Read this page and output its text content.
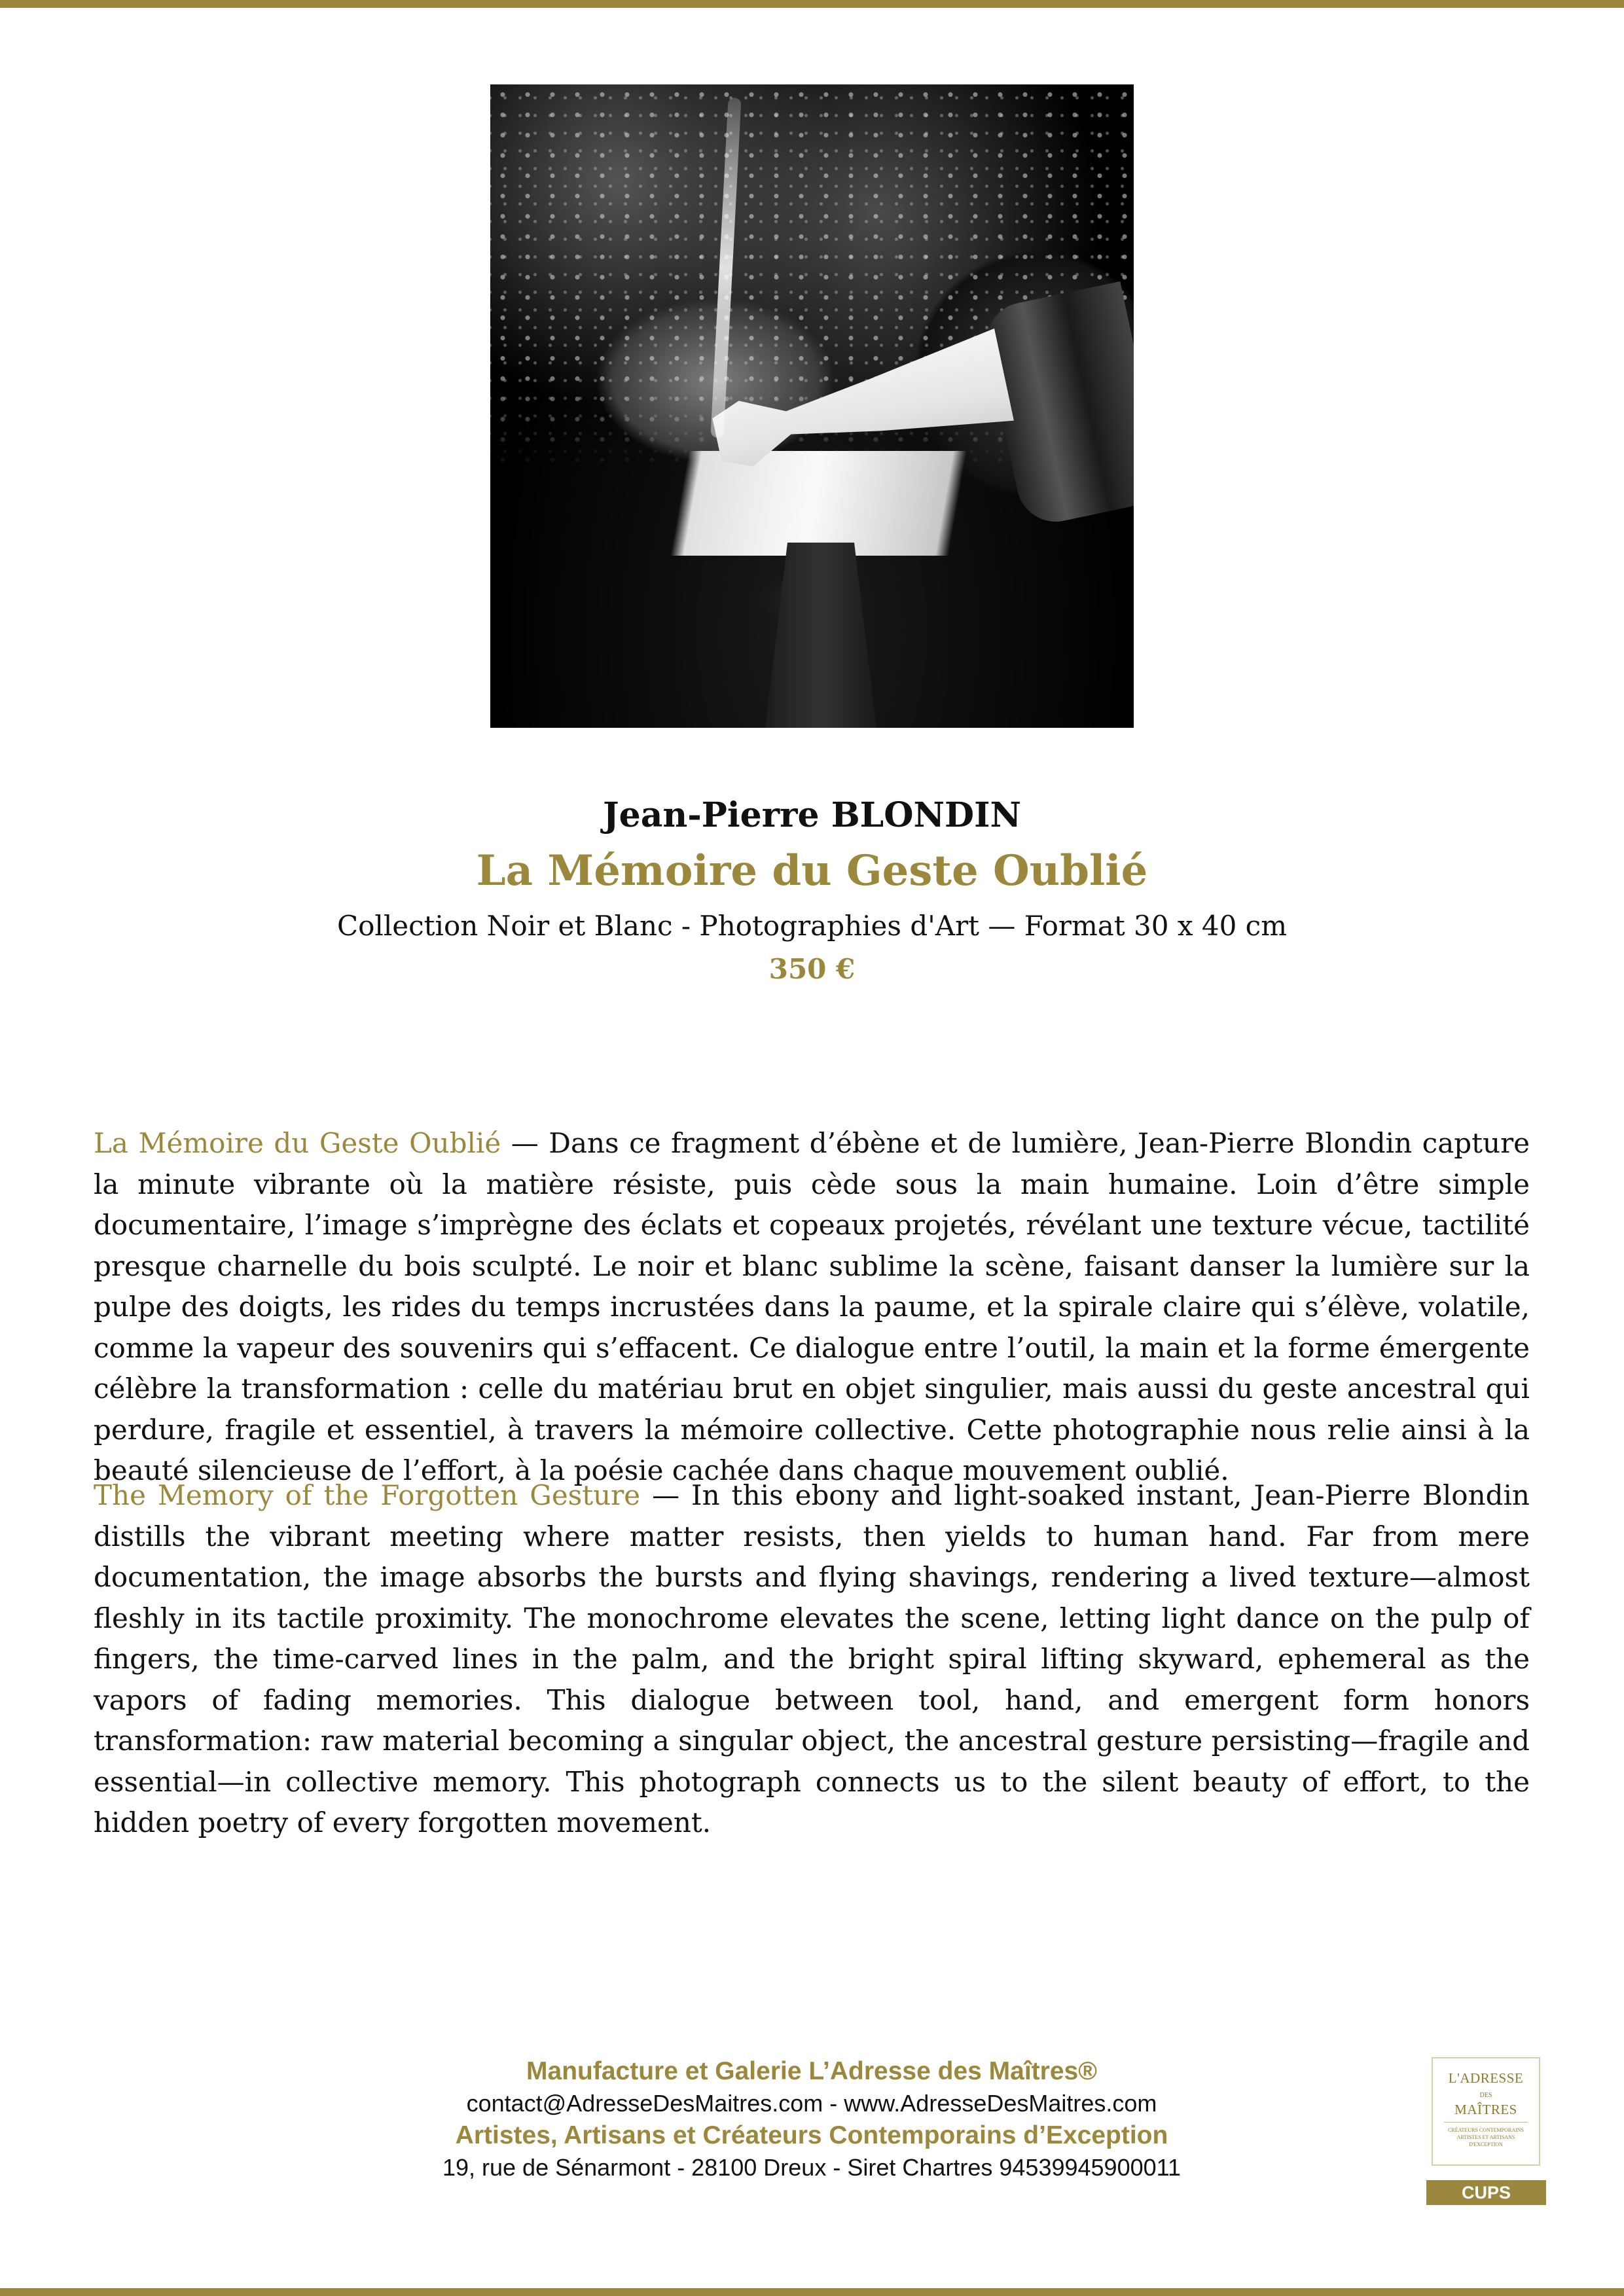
Jean-Pierre BLONDIN
La Mémoire du Geste Oublié
Collection Noir et Blanc - Photographies d'Art — Format 30 x 40 cm
350 €

La Mémoire du Geste Oublié — Dans ce fragment d’ébène et de lumière, Jean-Pierre Blondin capture la minute vibrante où la matière résiste, puis cède sous la main humaine. Loin d’être simple documentaire, l’image s’imprègne des éclats et copeaux projetés, révélant une texture vécue, tactilité presque charnelle du bois sculpté. Le noir et blanc sublime la scène, faisant danser la lumière sur la pulpe des doigts, les rides du temps incrustées dans la paume, et la spirale claire qui s’élève, volatile, comme la vapeur des souvenirs qui s’effacent. Ce dialogue entre l’outil, la main et la forme émergente célèbre la transformation : celle du matériau brut en objet singulier, mais aussi du geste ancestral qui perdure, fragile et essentiel, à travers la mémoire collective. Cette photographie nous relie ainsi à la beauté silencieuse de l’effort, à la poésie cachée dans chaque mouvement oublié.

The Memory of the Forgotten Gesture — In this ebony and light-soaked instant, Jean-Pierre Blondin distills the vibrant meeting where matter resists, then yields to human hand. Far from mere documentation, the image absorbs the bursts and flying shavings, rendering a lived texture—almost fleshly in its tactile proximity. The monochrome elevates the scene, letting light dance on the pulp of fingers, the time-carved lines in the palm, and the bright spiral lifting skyward, ephemeral as the vapors of fading memories. This dialogue between tool, hand, and emergent form honors transformation: raw material becoming a singular object, the ancestral gesture persisting—fragile and essential—in collective memory. This photograph connects us to the silent beauty of effort, to the hidden poetry of every forgotten movement.

Manufacture et Galerie L’Adresse des Maîtres®
contact@AdresseDesMaitres.com - www.AdresseDesMaitres.com
Artistes, Artisans et Créateurs Contemporains d’Exception
19, rue de Sénarmont - 28100 Dreux - Siret Chartres 94539945900011
L'ADRESSE
DES
MAÎTRES
CRÉATEURS CONTEMPORAINS
ARTISTES ET ARTISANS
D'EXCEPTION
CUPS
